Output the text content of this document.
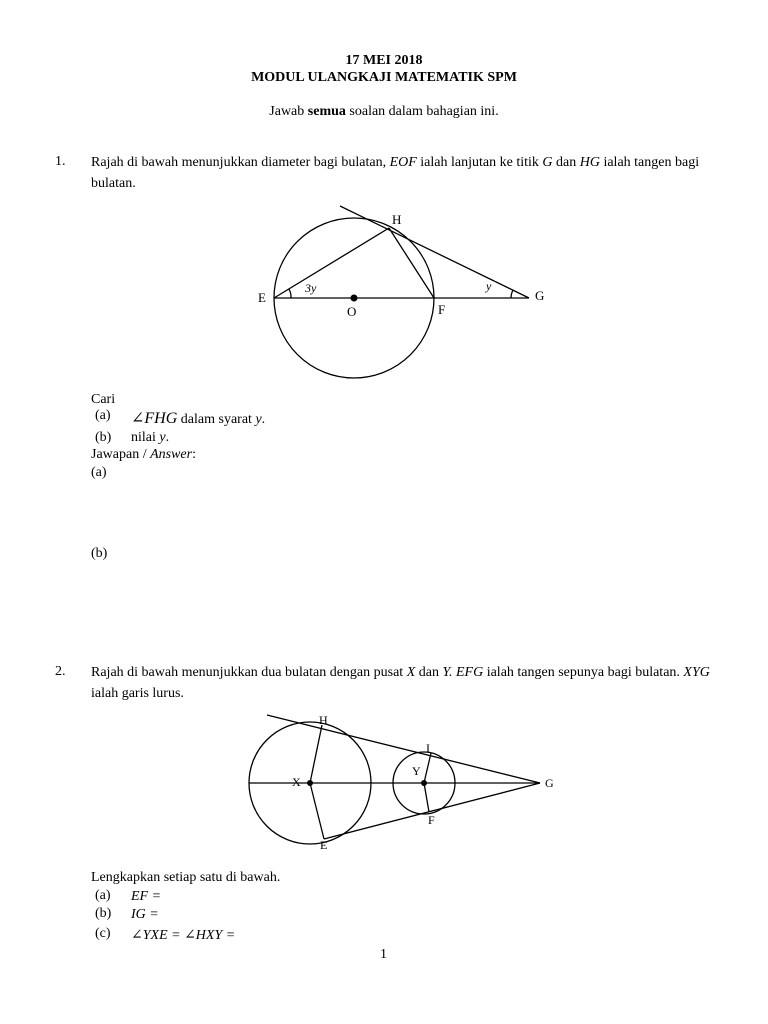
17 MEI 2018
MODUL ULANGKAJI MATEMATIK SPM
Jawab semua soalan dalam bahagian ini.
1. Rajah di bawah menunjukkan diameter bagi bulatan, EOF ialah lanjutan ke titik G dan HG ialah tangen bagi bulatan.
H
E
O	F
G
3y	y
Cari
(a) ∠FHG dalam syarat y.
(b) nilai y.
Jawapan / Answer:
(a)
(b)
2. Rajah di bawah menunjukkan dua bulatan dengan pusat X dan Y. EFG ialah tangen sepunya bagi bulatan. XYG ialah garis lurus.
H
I
X
Y
G
F
E
Lengkapkan setiap satu di bawah.
(a) EF =
(b) IG =
(c) ∠YXE = ∠HXY =
1
